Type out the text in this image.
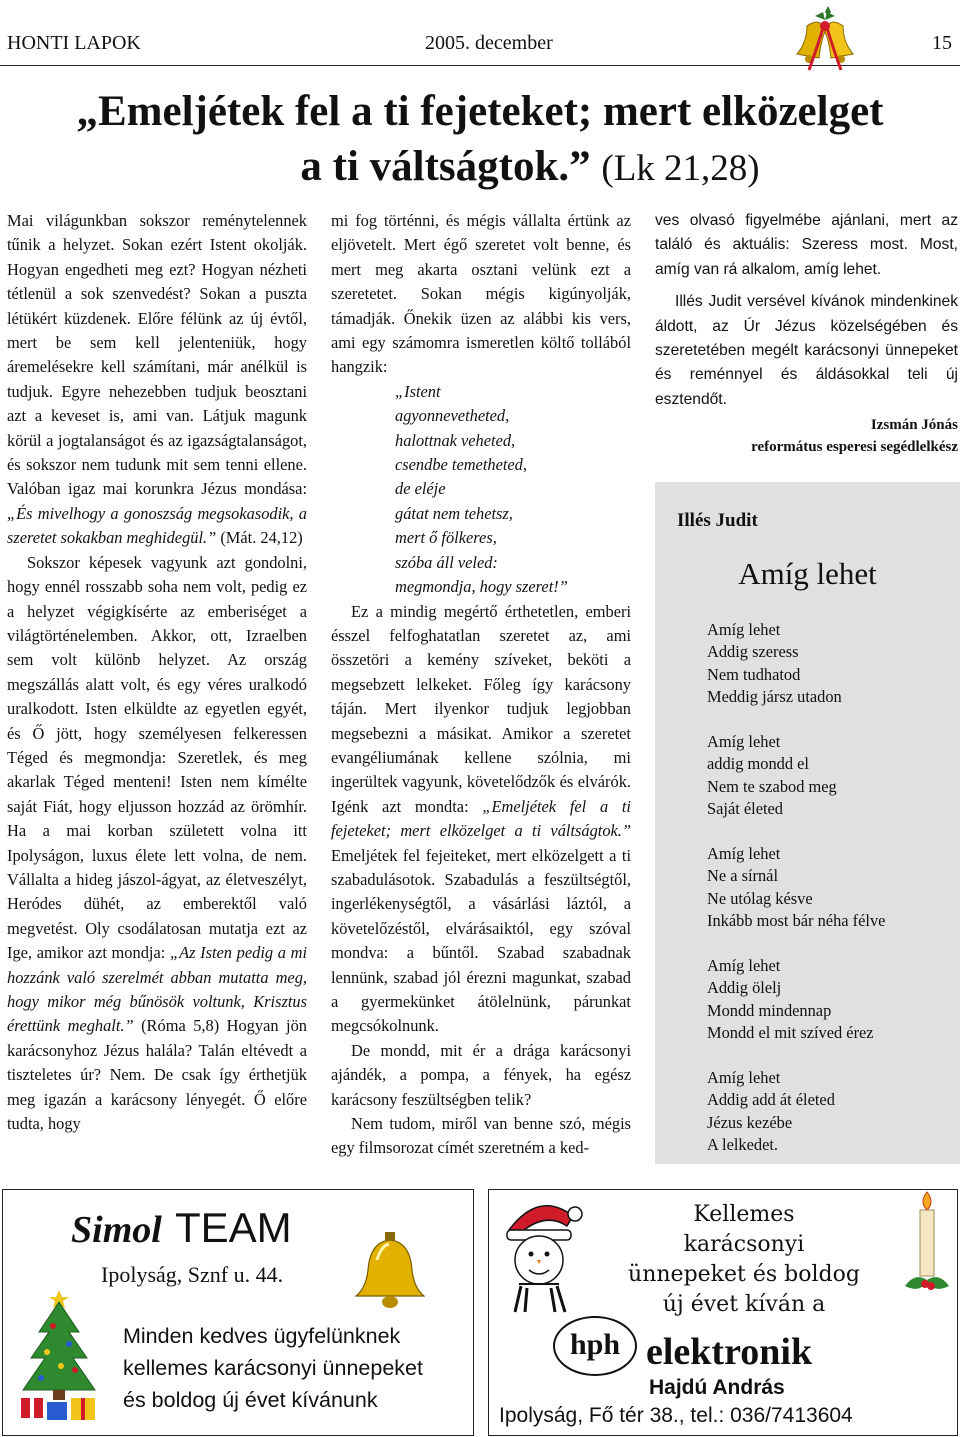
HONTI LAPOK	2005. december	15
„Emeljétek fel a ti fejeteket; mert elközelget
a ti váltságtok.” (Lk 21,28)

Mai világunkban sokszor reménytelennek tűnik a helyzet. Sokan ezért Istent okolják. Hogyan engedheti meg ezt? Hogyan nézheti tétlenül a sok szenvedést? Sokan a puszta létükért küzdenek. Előre félünk az új évtől, mert be sem kell jelenteniük, hogy áremelésekre kell számítani, már anélkül is tudjuk. Egyre nehezebben tudjuk beosztani azt a keveset is, ami van. Látjuk magunk körül a jogtalanságot és az igazságtalanságot, és sokszor nem tudunk mit sem tenni ellene. Valóban igaz mai korunkra Jézus mondása: „És mivelhogy a gonoszság megsokasodik, a szeretet sokakban meghidegül.” (Mát. 24,12)

Sokszor képesek vagyunk azt gondolni, hogy ennél rosszabb soha nem volt, pedig ez a helyzet végigkísérte az emberiséget a világtörténelemben. Akkor, ott, Izraelben sem volt különb helyzet. Az ország megszállás alatt volt, és egy véres uralkodó uralkodott. Isten elküldte az egyetlen egyét, és Ő jött, hogy személyesen felkeressen Téged és megmondja: Szeretlek, és meg akarlak Téged menteni! Isten nem kímélte saját Fiát, hogy eljusson hozzád az örömhír. Ha a mai korban született volna itt Ipolyságon, luxus élete lett volna, de nem. Vállalta a hideg jászol-ágyat, az életveszélyt, Heródes dühét, az emberektől való megvetést. Oly csodálatosan mutatja ezt az Ige, amikor azt mondja: „Az Isten pedig a mi hozzánk való szerelmét abban mutatta meg, hogy mikor még bűnösök voltunk, Krisztus érettünk meghalt.” (Róma 5,8) Hogyan jön karácsonyhoz Jézus halála? Talán eltévedt a tiszteletes úr? Nem. De csak így érthetjük meg igazán a karácsony lényegét. Ő előre tudta, hogy

mi fog történni, és mégis vállalta értünk az eljövetelt. Mert égő szeretet volt benne, és mert meg akarta osztani velünk ezt a szeretetet. Sokan mégis kigúnyolják, támadják. Őnekik üzen az alábbi kis vers, ami egy számomra ismeretlen költő tollából hangzik:

„Istent
agyonnevetheted,
halottnak veheted,
csendbe temetheted,
de eléje
gátat nem tehetsz,
mert ő fölkeres,
szóba áll veled:
megmondja, hogy szeret!”

Ez a mindig megértő érthetetlen, emberi ésszel felfoghatatlan szeretet az, ami összetöri a kemény szíveket, beköti a megsebzett lelkeket. Főleg így karácsony táján. Mert ilyenkor tudjuk legjobban megsebezni a másikat. Amikor a szeretet evangéliumának kellene szólnia, mi ingerültek vagyunk, követelődzők és elvárók. Igénk azt mondta: „Emeljétek fel a ti fejeteket; mert elközelget a ti váltságtok.” Emeljétek fel fejeiteket, mert elközelgett a ti szabadulásotok. Szabadulás a feszültségtől, ingerlékenységtől, a vásárlási láztól, a követelőzéstől, elvárásaiktól, egy szóval mondva: a bűntől. Szabad szabadnak lennünk, szabad jól érezni magunkat, szabad a gyermekünket átölelnünk, párunkat megcsókolnunk.

De mondd, mit ér a drága karácsonyi ajándék, a pompa, a fények, ha egész karácsony feszültségben telik?

Nem tudom, miről van benne szó, mégis egy filmsorozat címét szeretném a ked-

ves olvasó figyelmébe ajánlani, mert az találó és aktuális: Szeress most. Most, amíg van rá alkalom, amíg lehet.

Illés Judit versével kívánok mindenkinek áldott, az Úr Jézus közelségében és szeretetében megélt karácsonyi ünnepeket és reménnyel és áldásokkal teli új esztendőt.

Izsmán Jónás
református esperesi segédlelkész
Illés Judit
Amíg lehet
Amíg lehet
Addig szeress
Nem tudhatod
Meddig jársz utadon
Amíg lehet
addig mondd el
Nem te szabod meg
Saját életed
Amíg lehet
Ne a sírnál
Ne utólag késve
Inkább most bár néha félve
Amíg lehet
Addig ölelj
Mondd mindennap
Mondd el mit szíved érez
Amíg lehet
Addig add át életed
Jézus kezébe
A lelkedet.
Simol TEAM
Ipolyság, Sznf u. 44.
Minden kedves ügyfelünknek
kellemes karácsonyi ünnepeket
és boldog új évet kívánunk
Kellemes
karácsonyi
ünnepeket és boldog
új évet kíván a
hph elektronik
Hajdú András
Ipolyság, Fő tér 38., tel.: 036/7413604
